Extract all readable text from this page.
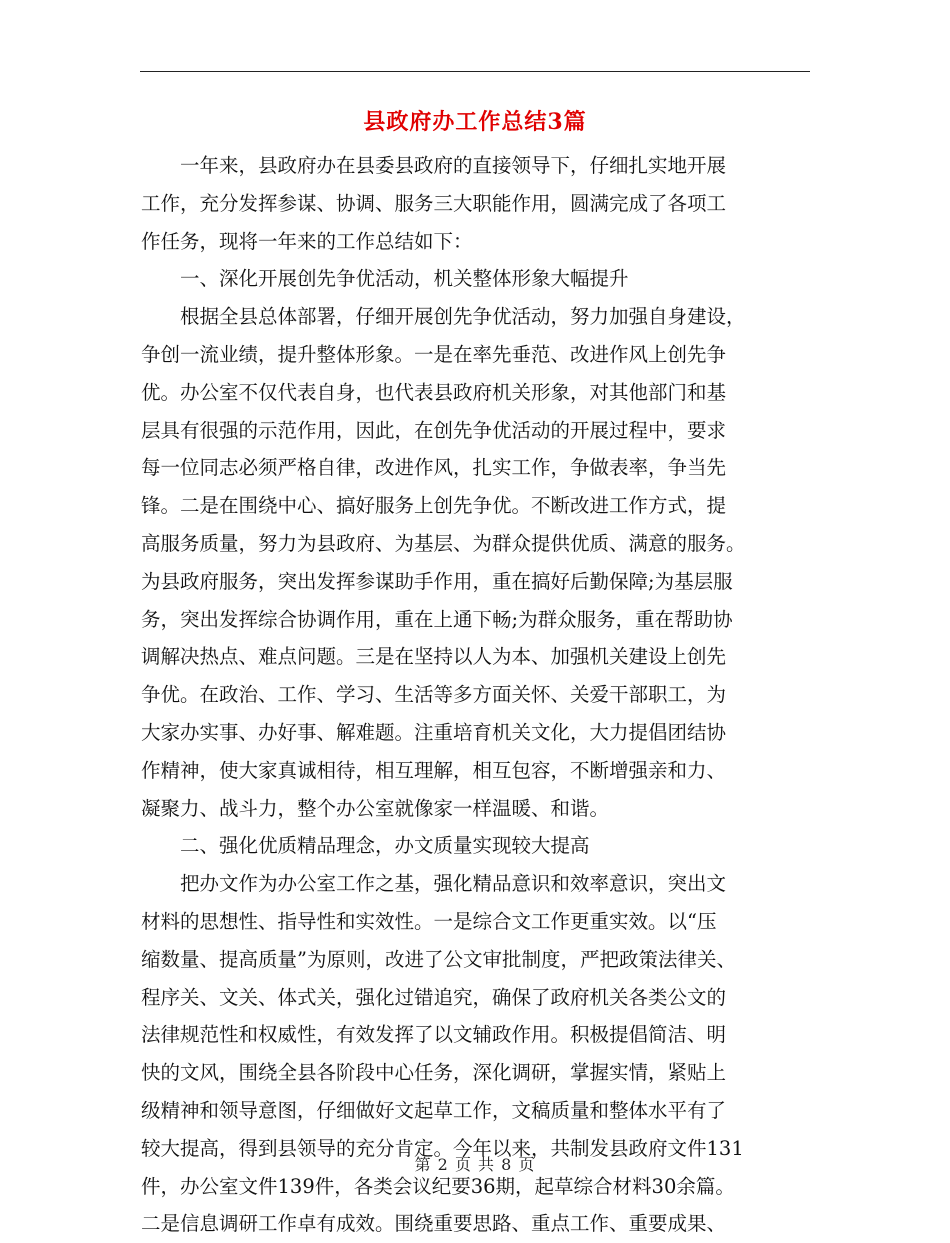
县政府办工作总结3篇
　　一年来，县政府办在县委县政府的直接领导下，仔细扎实地开展
工作，充分发挥参谋、协调、服务三大职能作用，圆满完成了各项工
作任务，现将一年来的工作总结如下：
　　一、深化开展创先争优活动，机关整体形象大幅提升
　　根据全县总体部署，仔细开展创先争优活动，努力加强自身建设，
争创一流业绩，提升整体形象。一是在率先垂范、改进作风上创先争
优。办公室不仅代表自身，也代表县政府机关形象，对其他部门和基
层具有很强的示范作用，因此，在创先争优活动的开展过程中，要求
每一位同志必须严格自律，改进作风，扎实工作，争做表率，争当先
锋。二是在围绕中心、搞好服务上创先争优。不断改进工作方式，提
高服务质量，努力为县政府、为基层、为群众提供优质、满意的服务。
为县政府服务，突出发挥参谋助手作用，重在搞好后勤保障;为基层服
务，突出发挥综合协调作用，重在上通下畅;为群众服务，重在帮助协
调解决热点、难点问题。三是在坚持以人为本、加强机关建设上创先
争优。在政治、工作、学习、生活等多方面关怀、关爱干部职工，为
大家办实事、办好事、解难题。注重培育机关文化，大力提倡团结协
作精神，使大家真诚相待，相互理解，相互包容，不断增强亲和力、
凝聚力、战斗力，整个办公室就像家一样温暖、和谐。
　　二、强化优质精品理念，办文质量实现较大提高
　　把办文作为办公室工作之基，强化精品意识和效率意识，突出文
材料的思想性、指导性和实效性。一是综合文工作更重实效。以“压
缩数量、提高质量”为原则，改进了公文审批制度，严把政策法律关、
程序关、文关、体式关，强化过错追究，确保了政府机关各类公文的
法律规范性和权威性，有效发挥了以文辅政作用。积极提倡简洁、明
快的文风，围绕全县各阶段中心任务，深化调研，掌握实情，紧贴上
级精神和领导意图，仔细做好文起草工作，文稿质量和整体水平有了
较大提高，得到县领导的充分肯定。今年以来，共制发县政府文件131
件，办公室文件139件，各类会议纪要36期，起草综合材料30余篇。
二是信息调研工作卓有成效。围绕重要思路、重点工作、重要成果、
第 2 页 共 8 页
